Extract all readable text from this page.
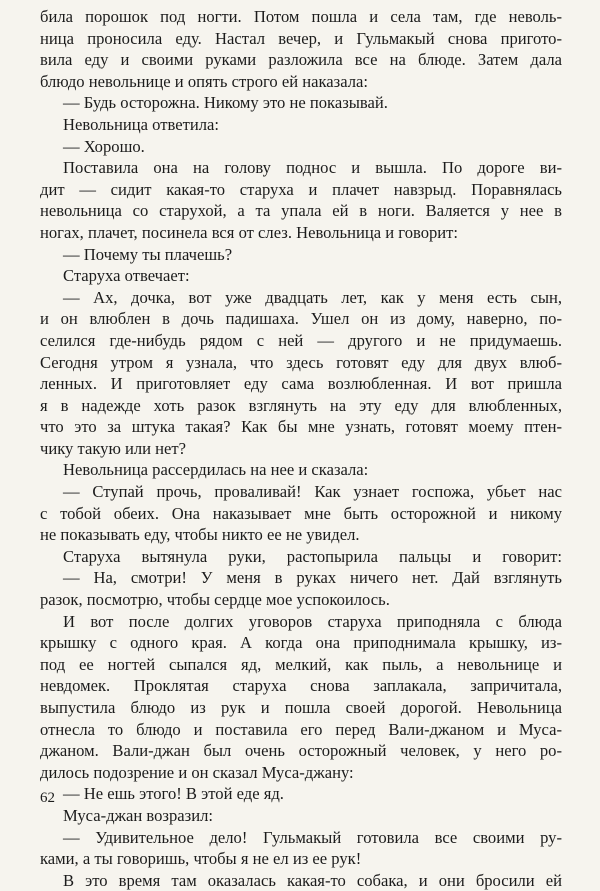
била порошок под ногти. Потом пошла и села там, где неволь-
ница проносила еду. Настал вечер, и Гульмакый снова пригото-
вила еду и своими руками разложила все на блюде. Затем дала
блюдо невольнице и опять строго ей наказала:
— Будь осторожна. Никому это не показывай.
Невольница ответила:
— Хорошо.
Поставила она на голову поднос и вышла. По дороге ви-
дит — сидит какая-то старуха и плачет навзрыд. Поравнялась
невольница со старухой, а та упала ей в ноги. Валяется у нее в
ногах, плачет, посинела вся от слез. Невольница и говорит:
— Почему ты плачешь?
Старуха отвечает:
— Ах, дочка, вот уже двадцать лет, как у меня есть сын,
и он влюблен в дочь падишаха. Ушел он из дому, наверно, по-
селился где-нибудь рядом с ней — другого и не придумаешь.
Сегодня утром я узнала, что здесь готовят еду для двух влюб-
ленных. И приготовляет еду сама возлюбленная. И вот пришла
я в надежде хоть разок взглянуть на эту еду для влюбленных,
что это за штука такая? Как бы мне узнать, готовят моему птен-
чику такую или нет?
Невольница рассердилась на нее и сказала:
— Ступай прочь, проваливай! Как узнает госпожа, убьет нас
с тобой обеих. Она наказывает мне быть осторожной и никому
не показывать еду, чтобы никто ее не увидел.
Старуха вытянула руки, растопырила пальцы и говорит:
— На, смотри! У меня в руках ничего нет. Дай взглянуть
разок, посмотрю, чтобы сердце мое успокоилось.
И вот после долгих уговоров старуха приподняла с блюда
крышку с одного края. А когда она приподнимала крышку, из-
под ее ногтей сыпался яд, мелкий, как пыль, а невольнице и
невдомек. Проклятая старуха снова заплакала, запричитала,
выпустила блюдо из рук и пошла своей дорогой. Невольница
отнесла то блюдо и поставила его перед Вали-джаном и Муса-
джаном. Вали-джан был очень осторожный человек, у него ро-
дилось подозрение и он сказал Муса-джану:
— Не ешь этого! В этой еде яд.
Муса-джан возразил:
— Удивительное дело! Гульмакый готовила все своими ру-
ками, а ты говоришь, чтобы я не ел из ее рук!
В это время там оказалась какая-то собака, и они бросили ей
62
